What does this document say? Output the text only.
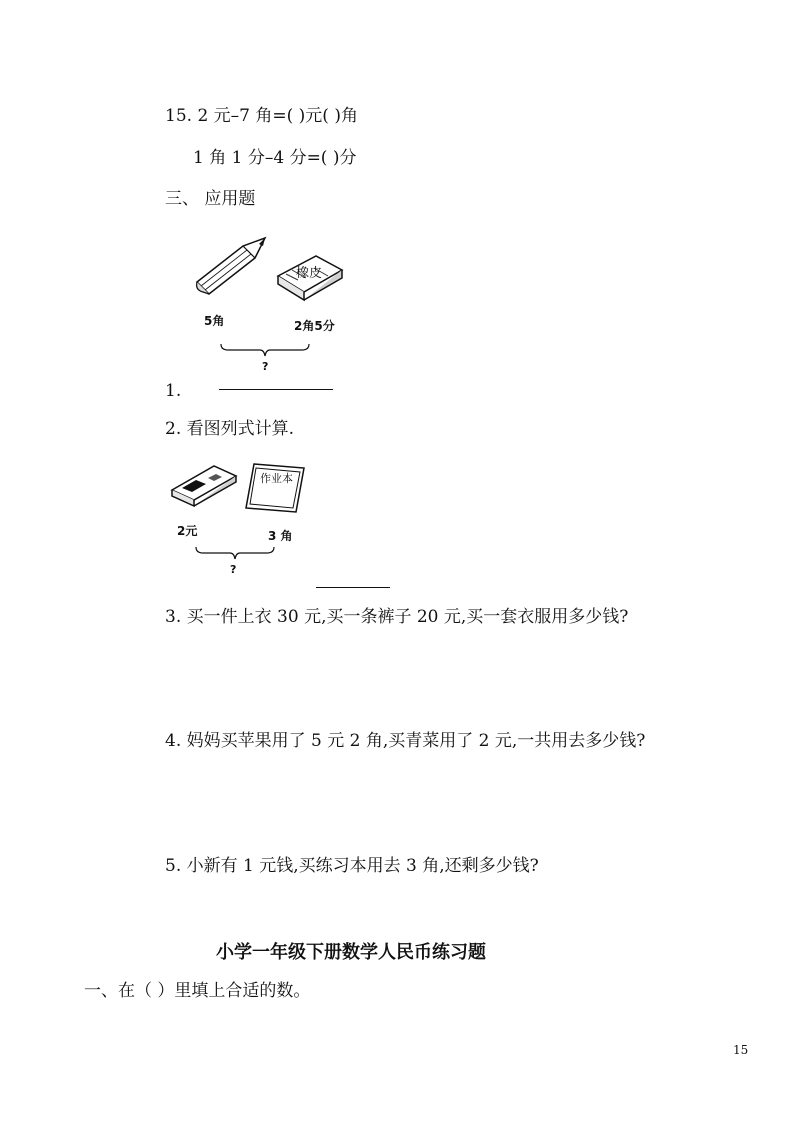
15. 2 元–7 角=( )元( )角
1 角 1 分–4 分=( )分
三、 应用题
橡皮
5角	2角5分
?
1.
2. 看图列式计算.
作业本
2元	3 角
?
3. 买一件上衣 30 元,买一条裤子 20 元,买一套衣服用多少钱?
4. 妈妈买苹果用了 5 元 2 角,买青菜用了 2 元,一共用去多少钱?
5. 小新有 1 元钱,买练习本用去 3 角,还剩多少钱?
小学一年级下册数学人民币练习题
一、在（ ）里填上合适的数。
15
